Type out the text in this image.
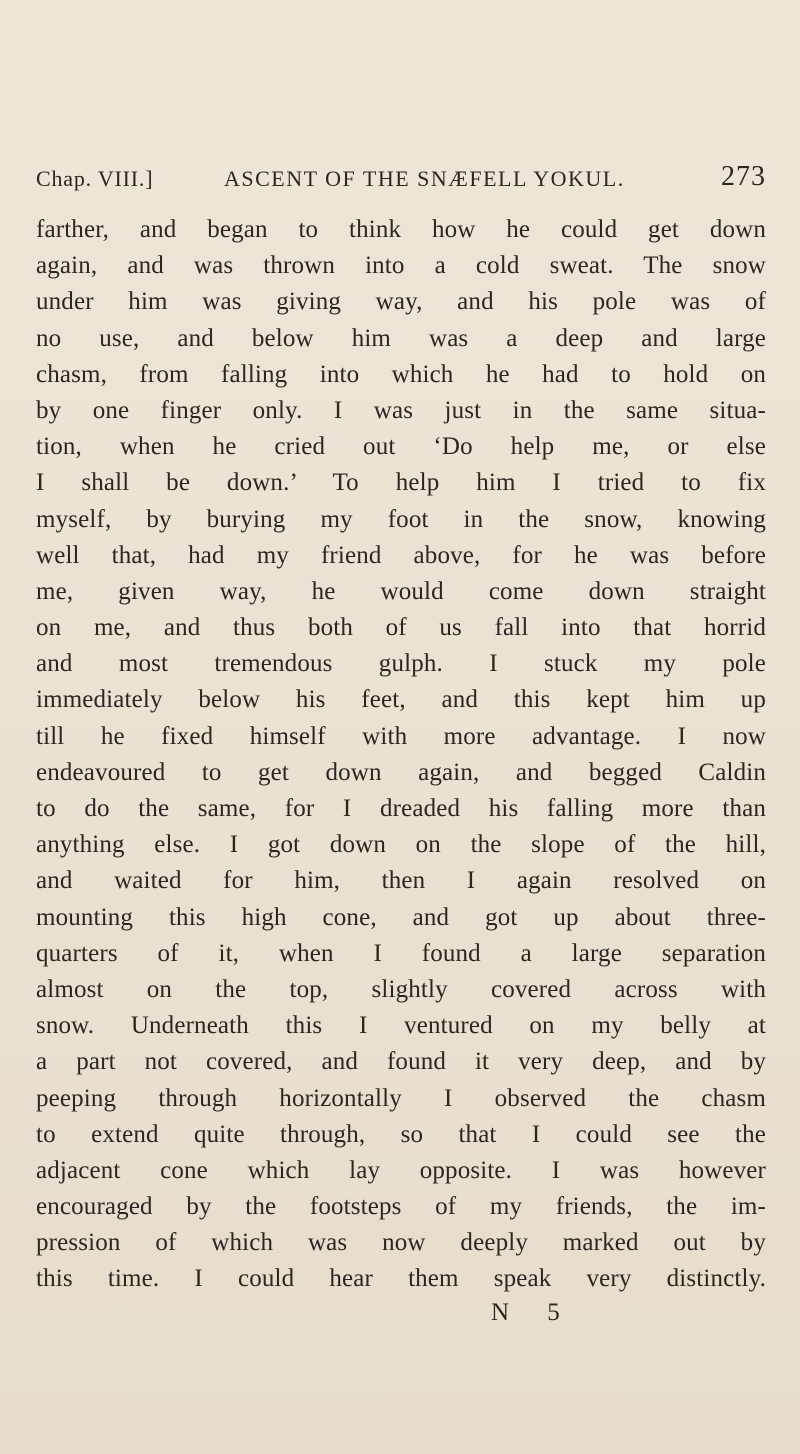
Chap. VIII.]	ASCENT OF THE SNÆFELL YOKUL.	273
farther, and began to think how he could get down
again, and was thrown into a cold sweat. The snow
under him was giving way, and his pole was of
no use, and below him was a deep and large
chasm, from falling into which he had to hold on
by one finger only. I was just in the same situa-
tion, when he cried out ‘Do help me, or else
I shall be down.’ To help him I tried to fix
myself, by burying my foot in the snow, knowing
well that, had my friend above, for he was before
me, given way, he would come down straight
on me, and thus both of us fall into that horrid
and most tremendous gulph. I stuck my pole
immediately below his feet, and this kept him up
till he fixed himself with more advantage. I now
endeavoured to get down again, and begged Caldin
to do the same, for I dreaded his falling more than
anything else. I got down on the slope of the hill,
and waited for him, then I again resolved on
mounting this high cone, and got up about three-
quarters of it, when I found a large separation
almost on the top, slightly covered across with
snow. Underneath this I ventured on my belly at
a part not covered, and found it very deep, and by
peeping through horizontally I observed the chasm
to extend quite through, so that I could see the
adjacent cone which lay opposite. I was however
encouraged by the footsteps of my friends, the im-
pression of which was now deeply marked out by
this time. I could hear them speak very distinctly.
N 5
